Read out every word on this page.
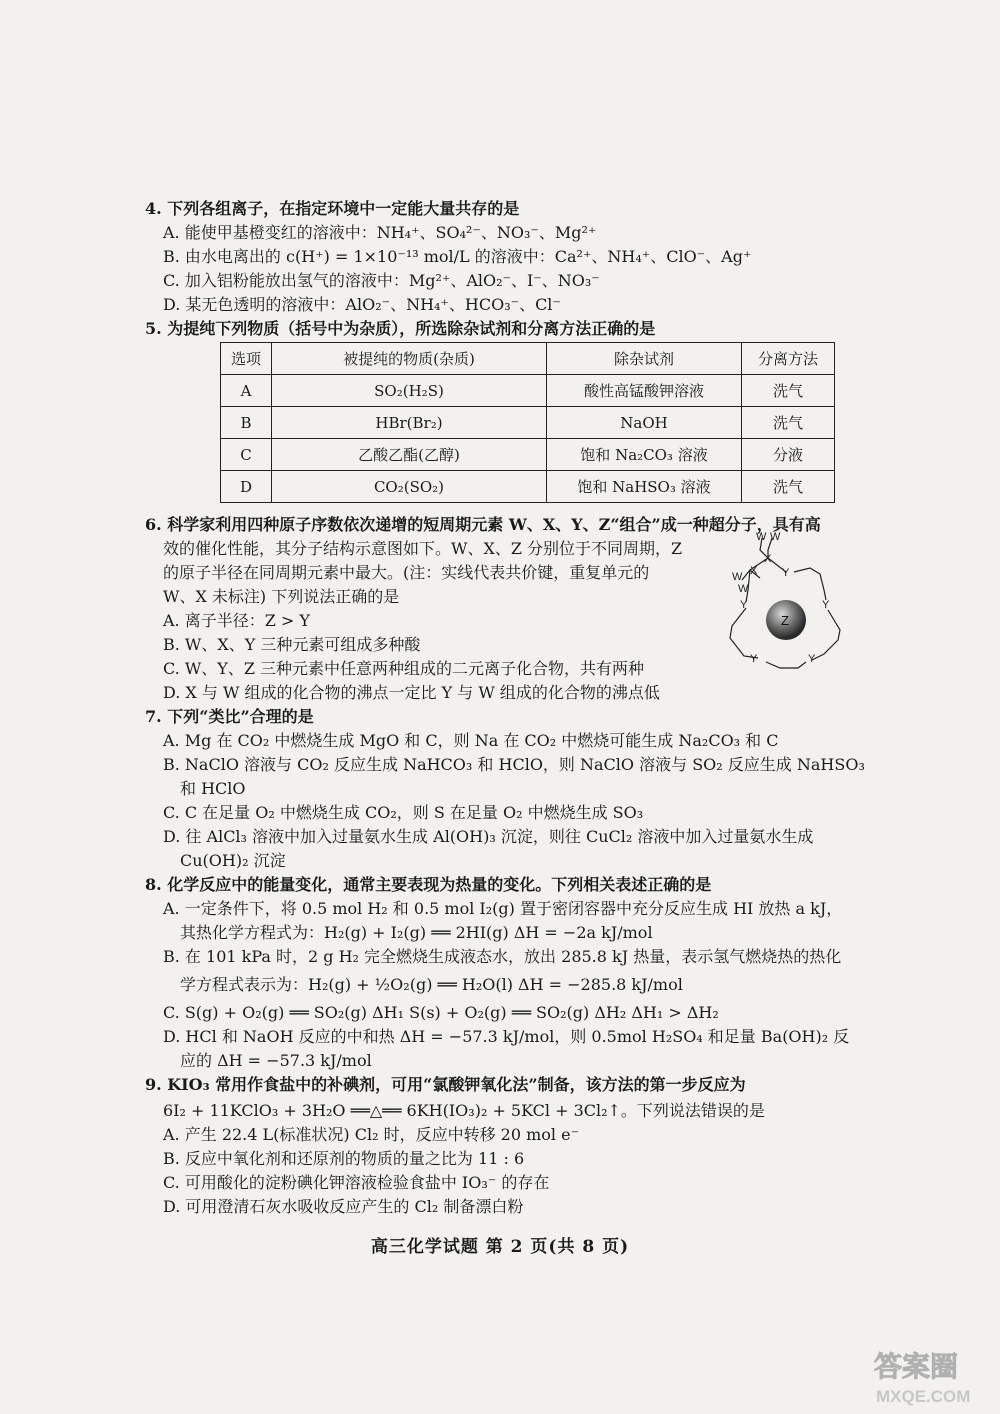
4. 下列各组离子，在指定环境中一定能大量共存的是
A. 能使甲基橙变红的溶液中：NH₄⁺、SO₄²⁻、NO₃⁻、Mg²⁺
B. 由水电离出的 c(H⁺) = 1×10⁻¹³ mol/L 的溶液中：Ca²⁺、NH₄⁺、ClO⁻、Ag⁺
C. 加入铝粉能放出氢气的溶液中：Mg²⁺、AlO₂⁻、I⁻、NO₃⁻
D. 某无色透明的溶液中：AlO₂⁻、NH₄⁺、HCO₃⁻、Cl⁻
5. 为提纯下列物质（括号中为杂质），所选除杂试剂和分离方法正确的是
选项	被提纯的物质(杂质)	除杂试剂	分离方法
A	SO₂(H₂S)	酸性高锰酸钾溶液	洗气
B	HBr(Br₂)	NaOH	洗气
C	乙酸乙酯(乙醇)	饱和 Na₂CO₃ 溶液	分液
D	CO₂(SO₂)	饱和 NaHSO₃ 溶液	洗气
6. 科学家利用四种原子序数依次递增的短周期元素 W、X、Y、Z“组合”成一种超分子，具有高
效的催化性能，其分子结构示意图如下。W、X、Z 分别位于不同周期，Z
的原子半径在同周期元素中最大。(注：实线代表共价键，重复单元的
W、X 未标注) 下列说法正确的是
A. 离子半径：Z > Y
B. W、X、Y 三种元素可组成多种酸
C. W、Y、Z 三种元素中任意两种组成的二元离子化合物，共有两种
D. X 与 W 组成的化合物的沸点一定比 Y 与 W 组成的化合物的沸点低
W W
X
W
W
X Y
Y	Y
Y	Y
Z
7. 下列“类比”合理的是
A. Mg 在 CO₂ 中燃烧生成 MgO 和 C，则 Na 在 CO₂ 中燃烧可能生成 Na₂CO₃ 和 C
B. NaClO 溶液与 CO₂ 反应生成 NaHCO₃ 和 HClO，则 NaClO 溶液与 SO₂ 反应生成 NaHSO₃
和 HClO
C. C 在足量 O₂ 中燃烧生成 CO₂，则 S 在足量 O₂ 中燃烧生成 SO₃
D. 往 AlCl₃ 溶液中加入过量氨水生成 Al(OH)₃ 沉淀，则往 CuCl₂ 溶液中加入过量氨水生成
Cu(OH)₂ 沉淀
8. 化学反应中的能量变化，通常主要表现为热量的变化。下列相关表述正确的是
A. 一定条件下，将 0.5 mol H₂ 和 0.5 mol I₂(g) 置于密闭容器中充分反应生成 HI 放热 a kJ，
其热化学方程式为：H₂(g) + I₂(g) ══ 2HI(g) ΔH = −2a kJ/mol
B. 在 101 kPa 时，2 g H₂ 完全燃烧生成液态水，放出 285.8 kJ 热量，表示氢气燃烧热的热化
学方程式表示为：H₂(g) + ½O₂(g) ══ H₂O(l) ΔH = −285.8 kJ/mol
C. S(g) + O₂(g) ══ SO₂(g) ΔH₁ S(s) + O₂(g) ══ SO₂(g) ΔH₂ ΔH₁ > ΔH₂
D. HCl 和 NaOH 反应的中和热 ΔH = −57.3 kJ/mol，则 0.5mol H₂SO₄ 和足量 Ba(OH)₂ 反
应的 ΔH = −57.3 kJ/mol
9. KIO₃ 常用作食盐中的补碘剂，可用“氯酸钾氧化法”制备，该方法的第一步反应为
6I₂ + 11KClO₃ + 3H₂O ══△══ 6KH(IO₃)₂ + 5KCl + 3Cl₂↑。下列说法错误的是
A. 产生 22.4 L(标准状况) Cl₂ 时，反应中转移 20 mol e⁻
B. 反应中氧化剂和还原剂的物质的量之比为 11 : 6
C. 可用酸化的淀粉碘化钾溶液检验食盐中 IO₃⁻ 的存在
D. 可用澄清石灰水吸收反应产生的 Cl₂ 制备漂白粉
高三化学试题 第 2 页(共 8 页)
答案圈
MXQE.COM
